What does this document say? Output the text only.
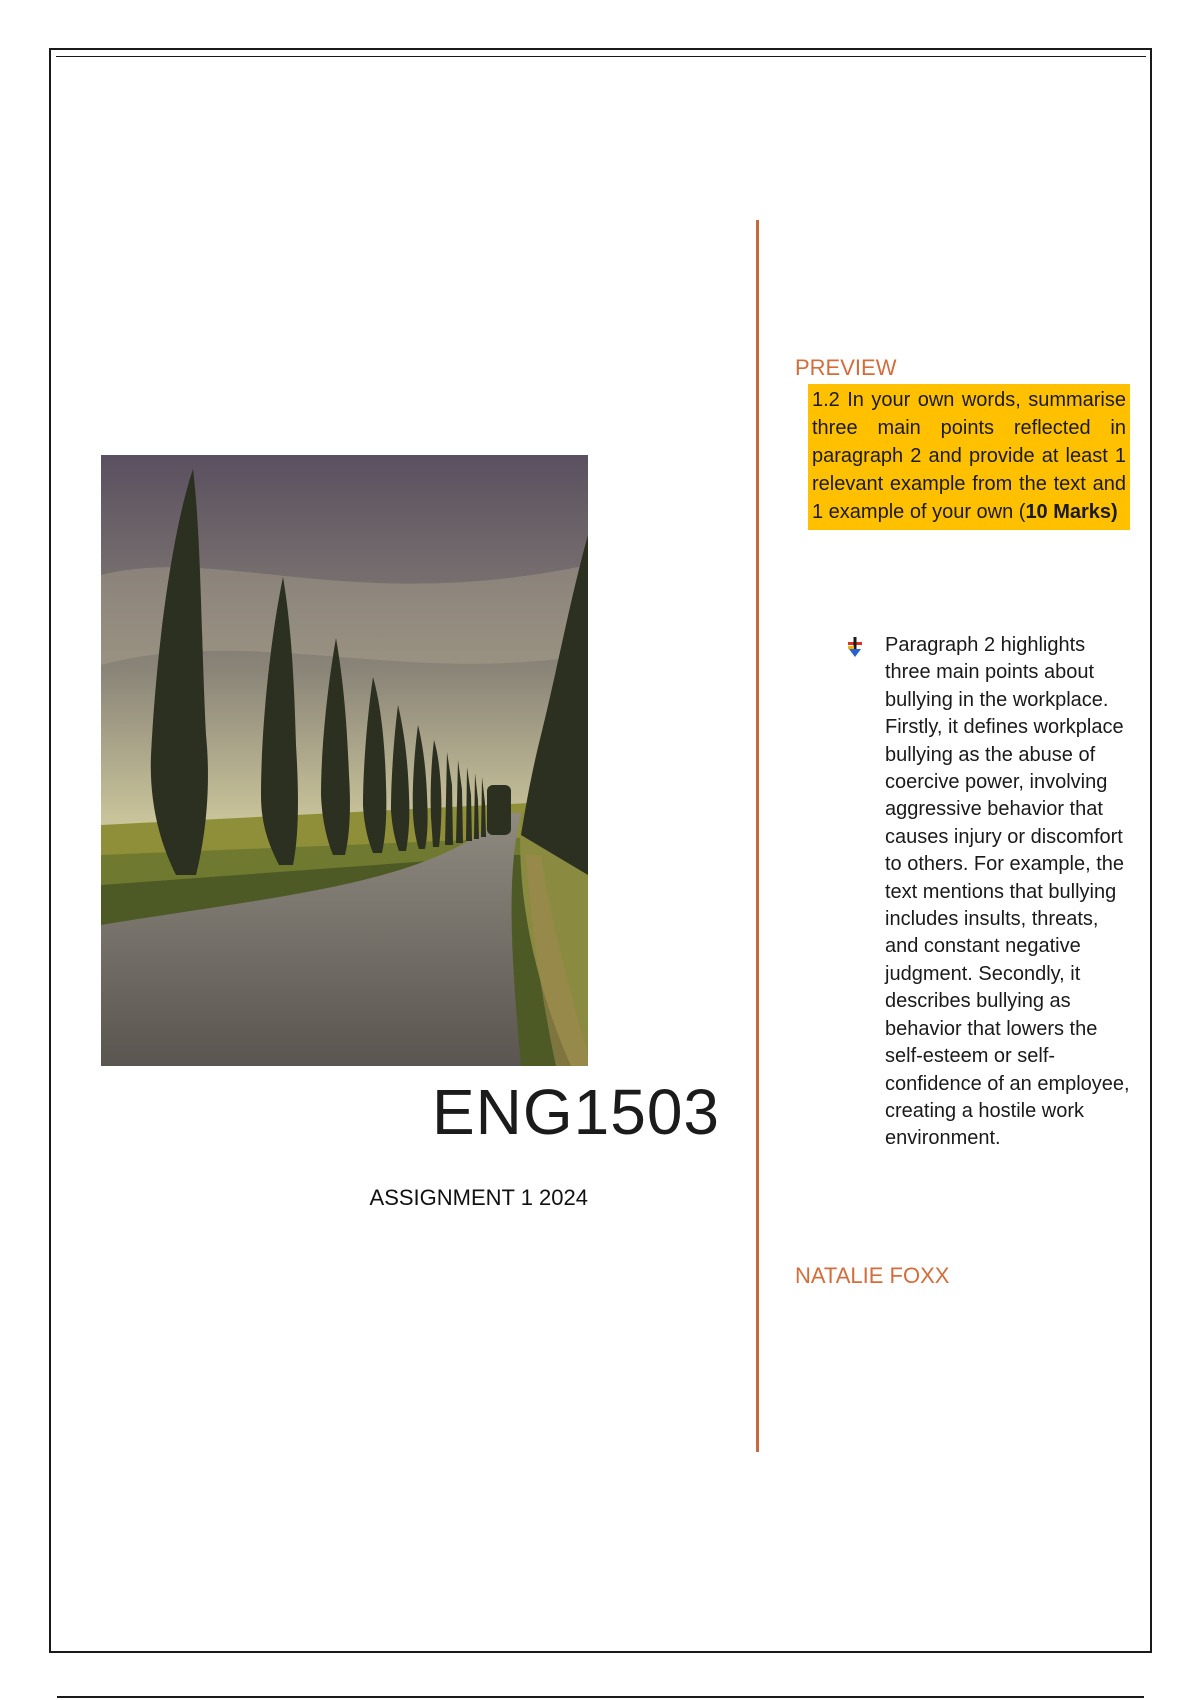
ENG1503
ASSIGNMENT 1 2024
PREVIEW
1.2 In your own words, summarise three main points reflected in paragraph 2 and provide at least 1 relevant example from the text and 1 example of your own (10 Marks)
Paragraph 2 highlights three main points about bullying in the workplace. Firstly, it defines workplace bullying as the abuse of coercive power, involving aggressive behavior that causes injury or discomfort to others. For example, the text mentions that bullying includes insults, threats, and constant negative judgment. Secondly, it describes bullying as behavior that lowers the self-esteem or self-confidence of an employee, creating a hostile work environment.
NATALIE FOXX
